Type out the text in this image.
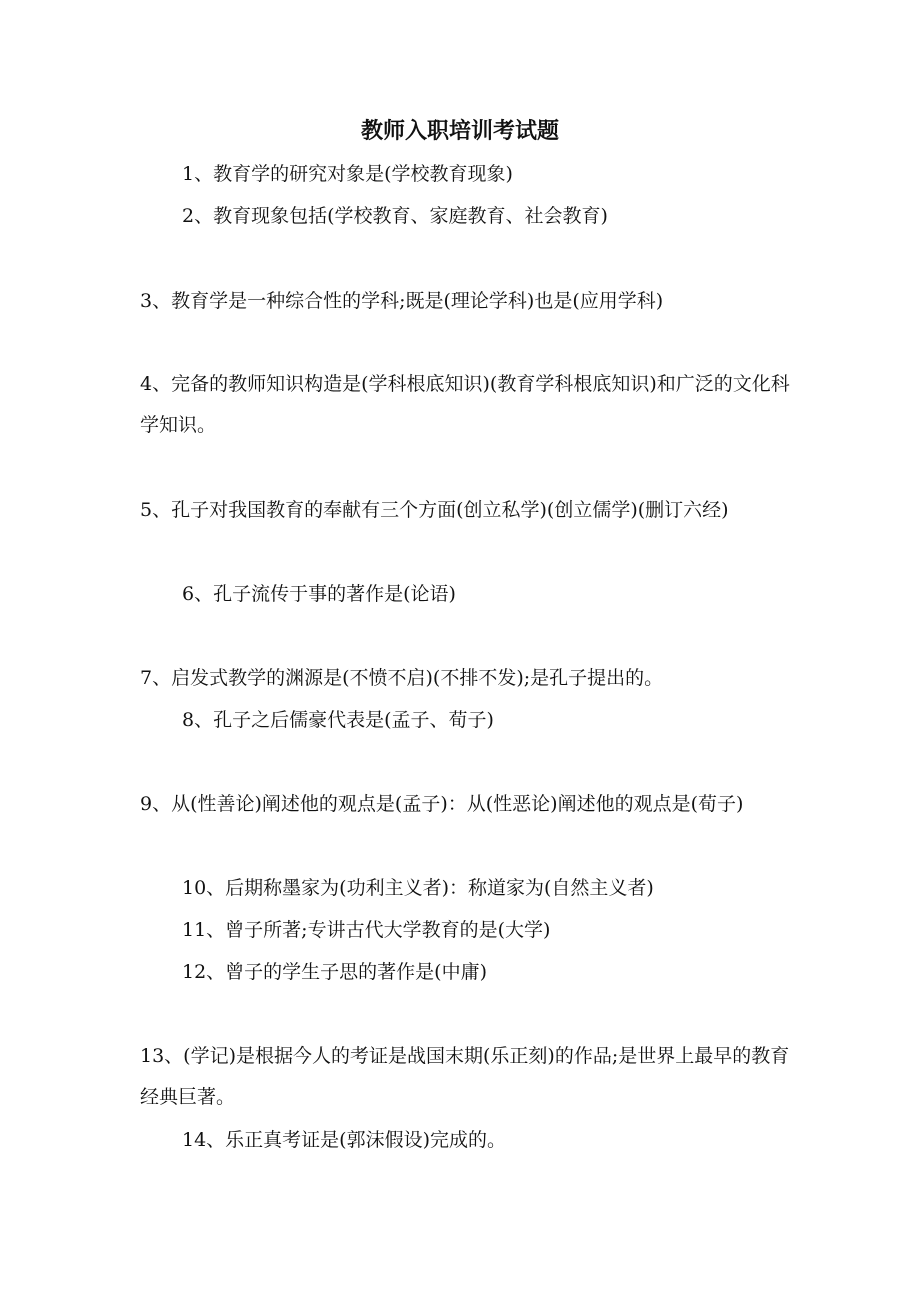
教师入职培训考试题
1、教育学的研究对象是(学校教育现象)
2、教育现象包括(学校教育、家庭教育、社会教育)
3、教育学是一种综合性的学科;既是(理论学科)也是(应用学科)
4、完备的教师知识构造是(学科根底知识)(教育学科根底知识)和广泛的文化科学知识。
5、孔子对我国教育的奉献有三个方面(创立私学)(创立儒学)(删订六经)
6、孔子流传于事的著作是(论语)
7、启发式教学的渊源是(不愤不启)(不排不发);是孔子提出的。
8、孔子之后儒豪代表是(孟子、荀子)
9、从(性善论)阐述他的观点是(孟子)：从(性恶论)阐述他的观点是(荀子)
10、后期称墨家为(功利主义者)：称道家为(自然主义者)
11、曾子所著;专讲古代大学教育的是(大学)
12、曾子的学生子思的著作是(中庸)
13、(学记)是根据今人的考证是战国末期(乐正刻)的作品;是世界上最早的教育经典巨著。
14、乐正真考证是(郭沫假设)完成的。
